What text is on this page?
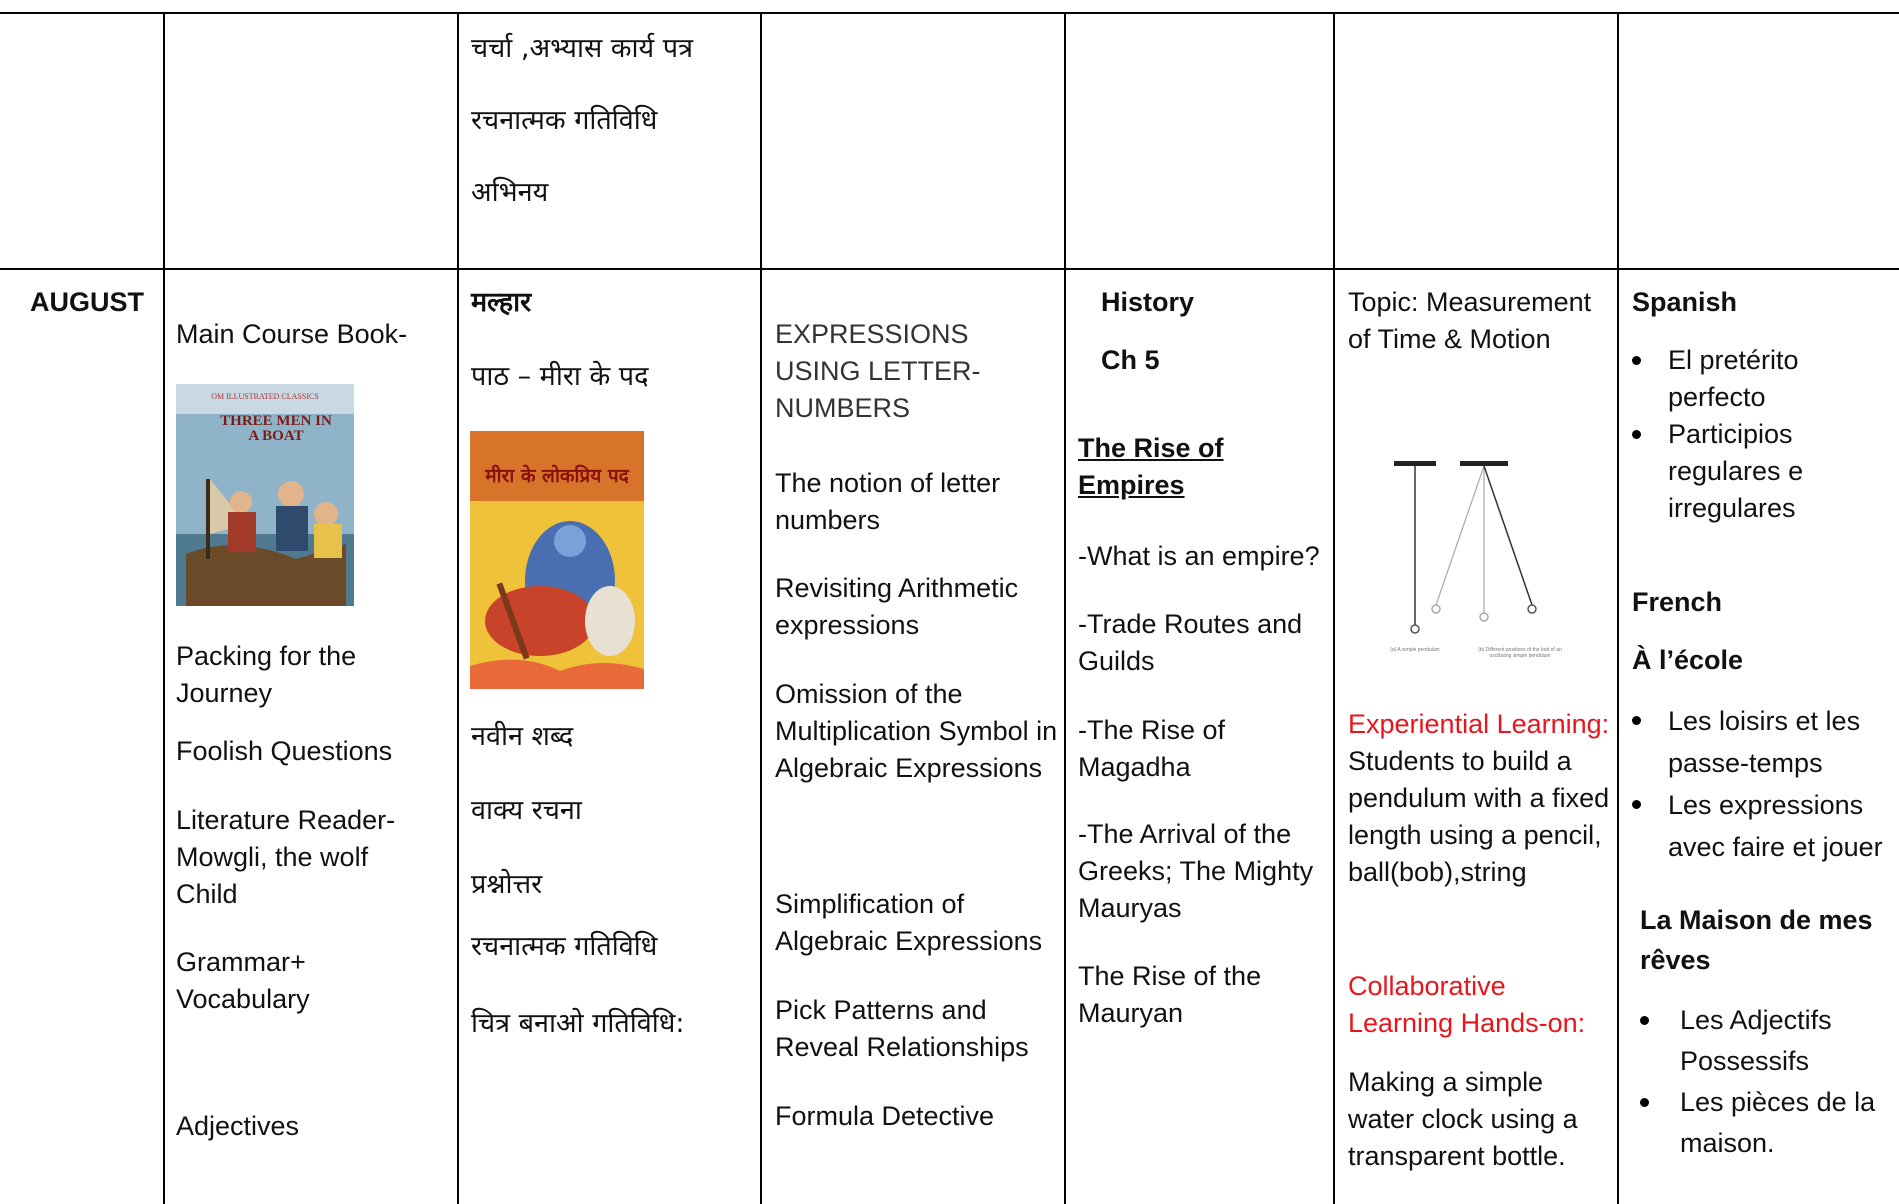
चर्चा ,अभ्यास कार्य पत्र
रचनात्मक गतिविधि
अभिनय
AUGUST
Main Course Book-
OM ILLUSTRATED CLASSICS
THREE MEN IN A BOAT
Packing for the Journey
Foolish Questions
Literature Reader- Mowgli, the wolf Child
Grammar+ Vocabulary
Adjectives
मल्हार
पाठ – मीरा के पद
मीरा के लोकप्रिय पद
नवीन शब्द
वाक्य रचना
प्रश्नोत्तर
रचनात्मक गतिविधि
चित्र बनाओ गतिविधि:
EXPRESSIONS USING LETTER-NUMBERS
The notion of letter numbers
Revisiting Arithmetic expressions
Omission of the Multiplication Symbol in Algebraic Expressions
Simplification of Algebraic Expressions
Pick Patterns and Reveal Relationships
Formula Detective
History
Ch 5
The Rise of Empires
-What is an empire?
-Trade Routes and Guilds
-The Rise of Magadha
-The Arrival of the Greeks; The Mighty Mauryas
The Rise of the Mauryan
Topic: Measurement of Time & Motion
(a) A simple pendulum	(b) Different positions of the bob of an oscillating simple pendulum
Experiential Learning:
Students to build a pendulum with a fixed length using a pencil, ball(bob),string
Collaborative Learning Hands-on:
Making a simple water clock using a transparent bottle.
Spanish
El pretérito perfecto
Participios regulares e irregulares
French
À l’école
Les loisirs et les passe-temps
Les expressions avec faire et jouer
La Maison de mes rêves
Les Adjectifs Possessifs
Les pièces de la maison.
